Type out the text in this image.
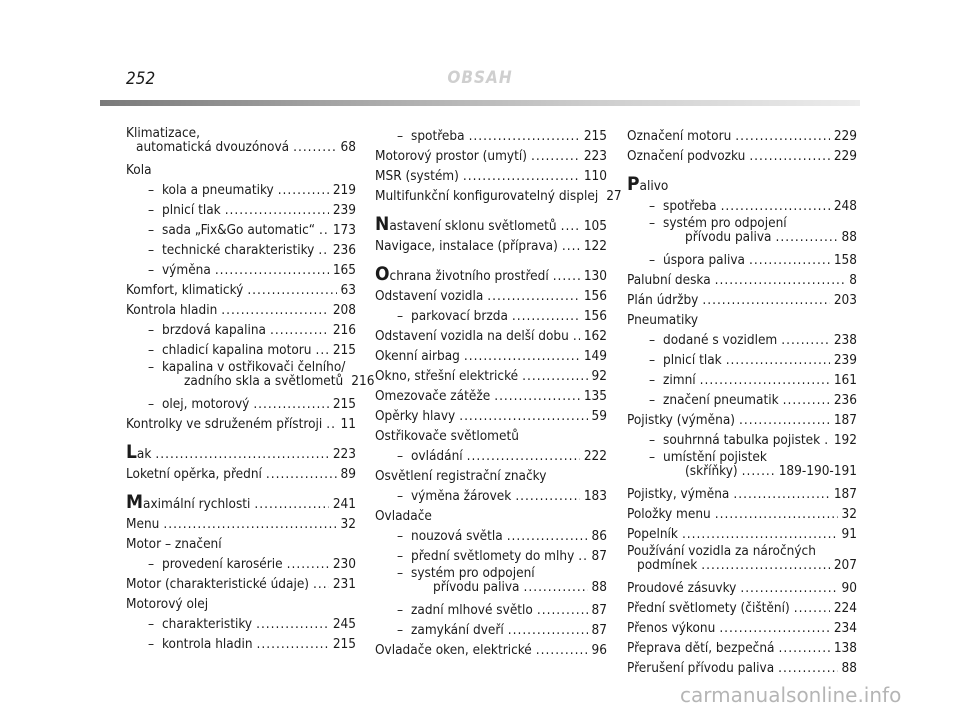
252	OBSAH
Klimatizace,
automatická dvouzónová .....	68
Kola
– kola a pneumatiky .....	219
– plnicí tlak .....	239
– sada „Fix&Go automatic“ ..... 173
– technické charakteristiky ..... 236
– výměna .....	165
Komfort, klimatický .....	63
Kontrola hladin .....	208
– brzdová kapalina .....	216
– chladicí kapalina motoru ..... 215
– kapalina v ostřikovači čelního/
zadního skla a světlometů 216
– olej, motorový .....	215
Kontrolky ve sdruženém přístroji ..... 11
Lak .....	223
Loketní opěrka, přední .....	89
Maximální rychlosti .....	241
Menu .....	32
Motor – značení
– provedení karosérie .....	230
Motor (charakteristické údaje) ..... 231
Motorový olej
– charakteristiky .....	245
– kontrola hladin .....	215
– spotřeba .....	215
Motorový prostor (umytí) .....	223
MSR (systém) .....	110
Multifunkční konfigurovatelný displej 27
Nastavení sklonu světlometů ..... 105
Navigace, instalace (příprava) ..... 122
Ochrana životního prostředí .....	130
Odstavení vozidla .....	156
– parkovací brzda .....	156
Odstavení vozidla na delší dobu ..... 162
Okenní airbag .....	149
Okno, střešní elektrické .....	92
Omezovače zátěže .....	135
Opěrky hlavy .....	59
Ostřikovače světlometů
– ovládání .....	222
Osvětlení registrační značky
– výměna žárovek .....	183
Ovladače
– nouzová světla .....	86
– přední světlomety do mlhy ..... 87
– systém pro odpojení
přívodu paliva .....	88
– zadní mlhové světlo .....	87
– zamykání dveří .....	87
Ovladače oken, elektrické .....	96
Označení motoru .....	229
Označení podvozku .....	229
Palivo
– spotřeba .....	248
– systém pro odpojení
přívodu paliva .....	88
– úspora paliva .....	158
Palubní deska .....	8
Plán údržby .....	203
Pneumatiky
– dodané s vozidlem .....	238
– plnicí tlak .....	239
– zimní .....	161
– značení pneumatik .....	236
Pojistky (výměna) .....	187
– souhrnná tabulka pojistek ..... 192
– umístění pojistek
(skříňky) .....	189-190-191
Pojistky, výměna .....	187
Položky menu .....	32
Popelník .....	91
Používání vozidla za náročných
podmínek .....	207
Proudové zásuvky .....	90
Přední světlomety (čištění) .....	224
Přenos výkonu .....	234
Přeprava dětí, bezpečná .....	138
Přerušení přívodu paliva .....	88
carmanualsonline.info
